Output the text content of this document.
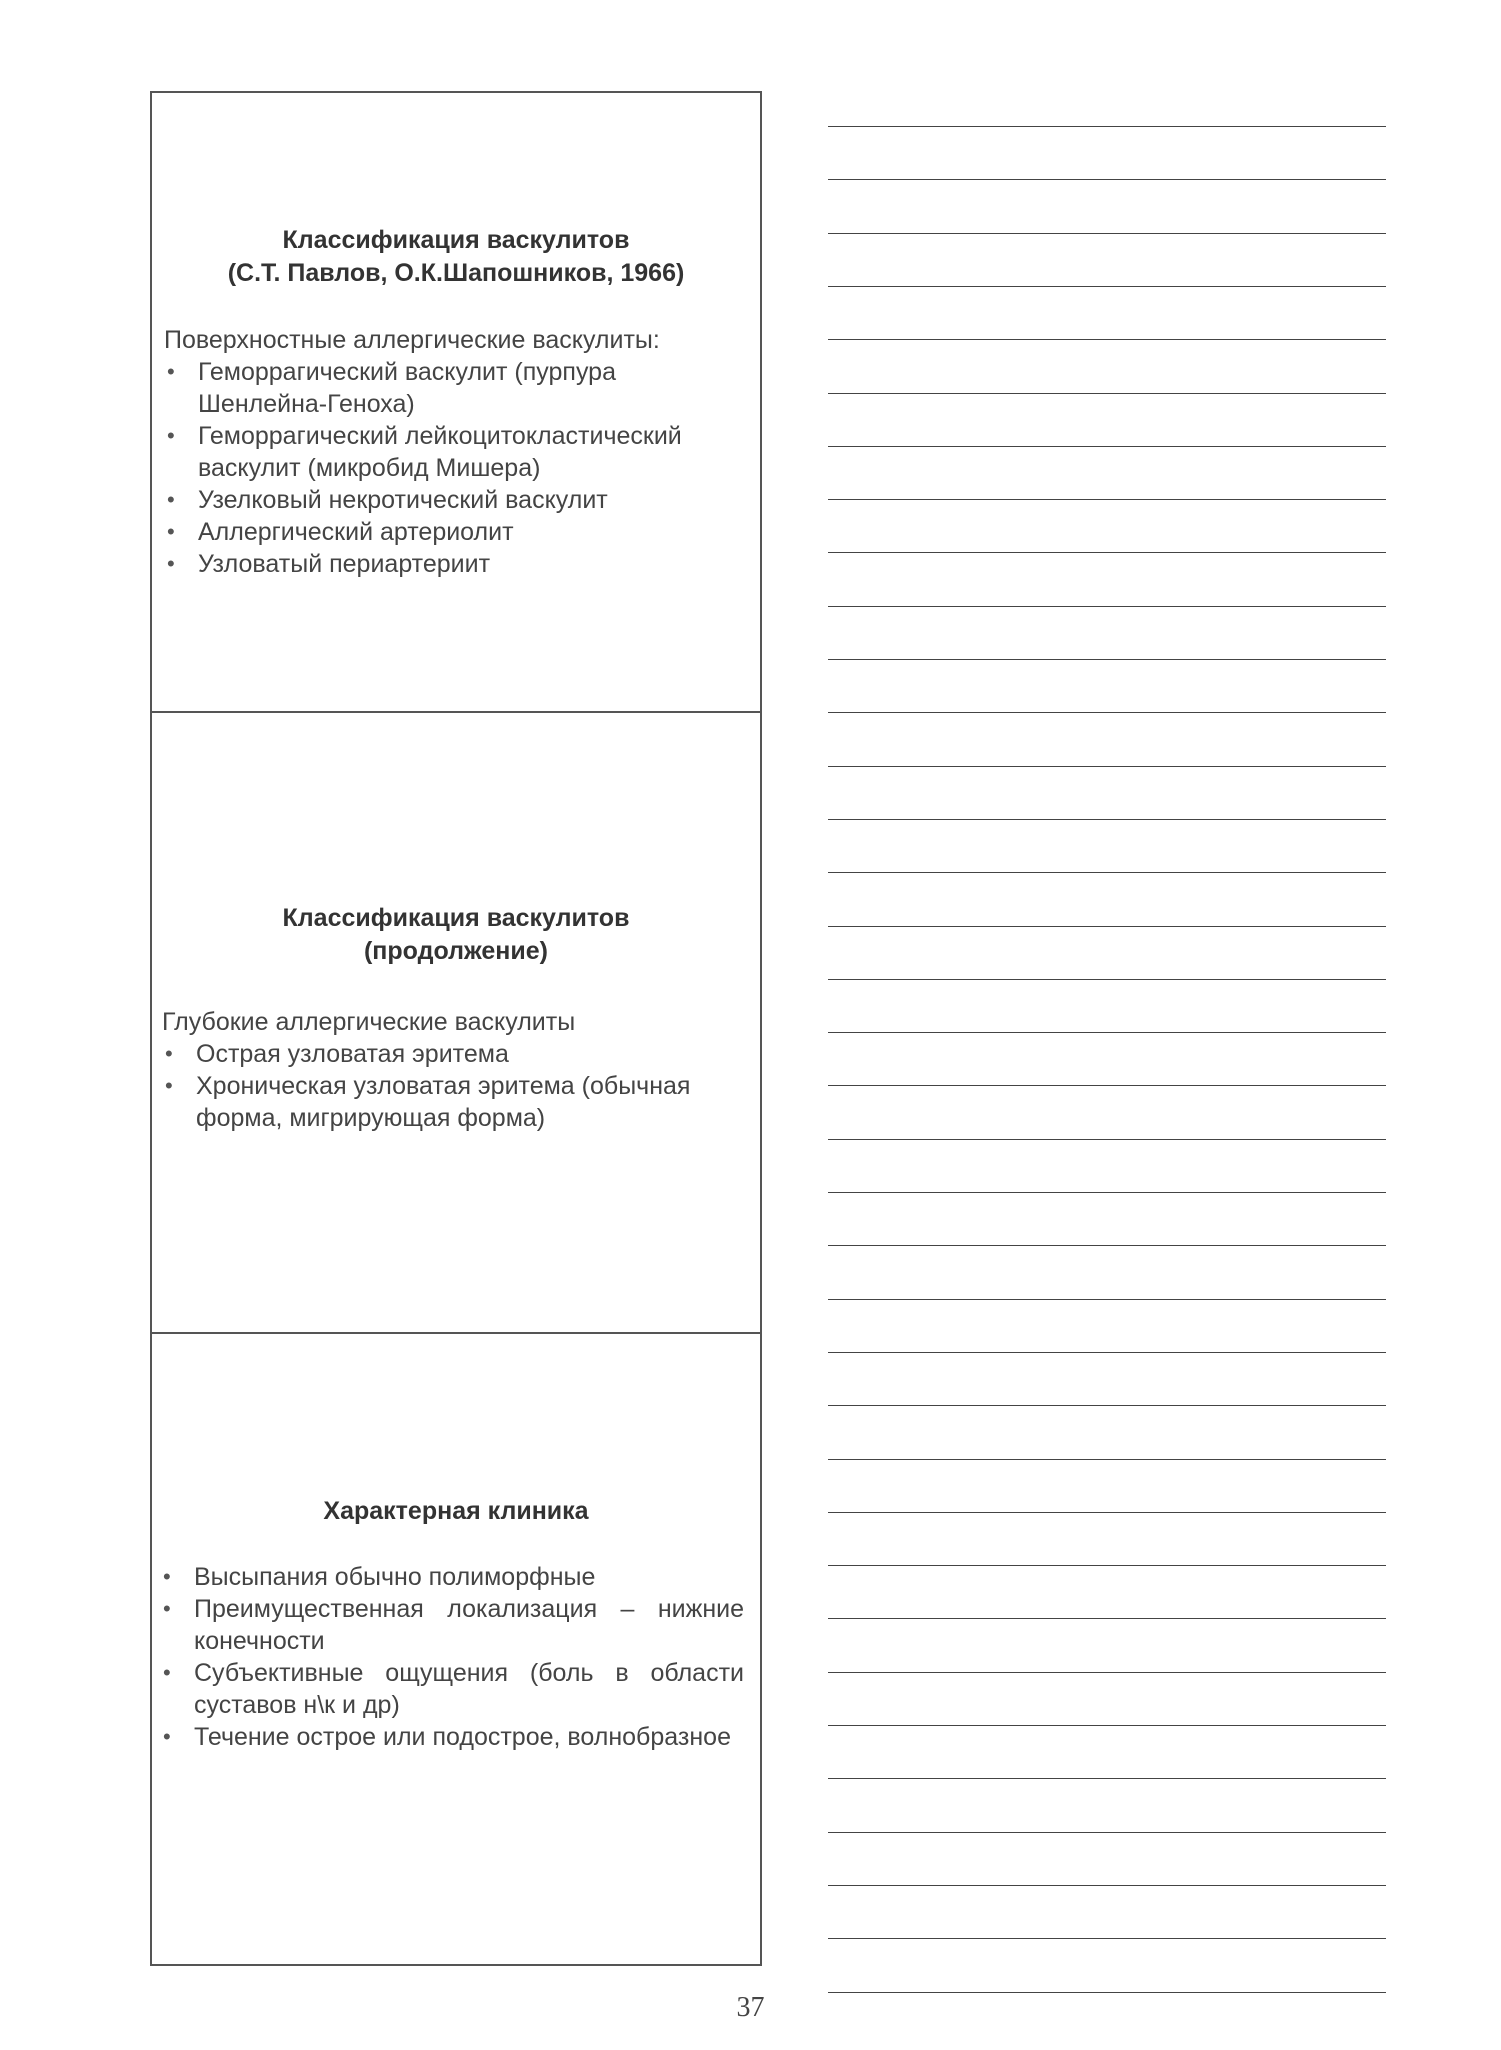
Классификация васкулитов
(С.Т. Павлов, О.К.Шапошников, 1966)
Поверхностные аллергические васкулиты:
• Геморрагический васкулит (пурпура Шенлейна-Геноха)
• Геморрагический лейкоцитокластический васкулит (микробид Мишера)
• Узелковый некротический васкулит
• Аллергический артериолит
• Узловатый периартериит
Классификация васкулитов
(продолжение)
Глубокие аллергические васкулиты
• Острая узловатая эритема
• Хроническая узловатая эритема (обычная форма, мигрирующая форма)
Характерная клиника
• Высыпания обычно полиморфные
• Преимущественная локализация – нижние конечности
• Субъективные ощущения (боль в области суставов н\к и др)
• Течение острое или подострое, волнобразное
37
